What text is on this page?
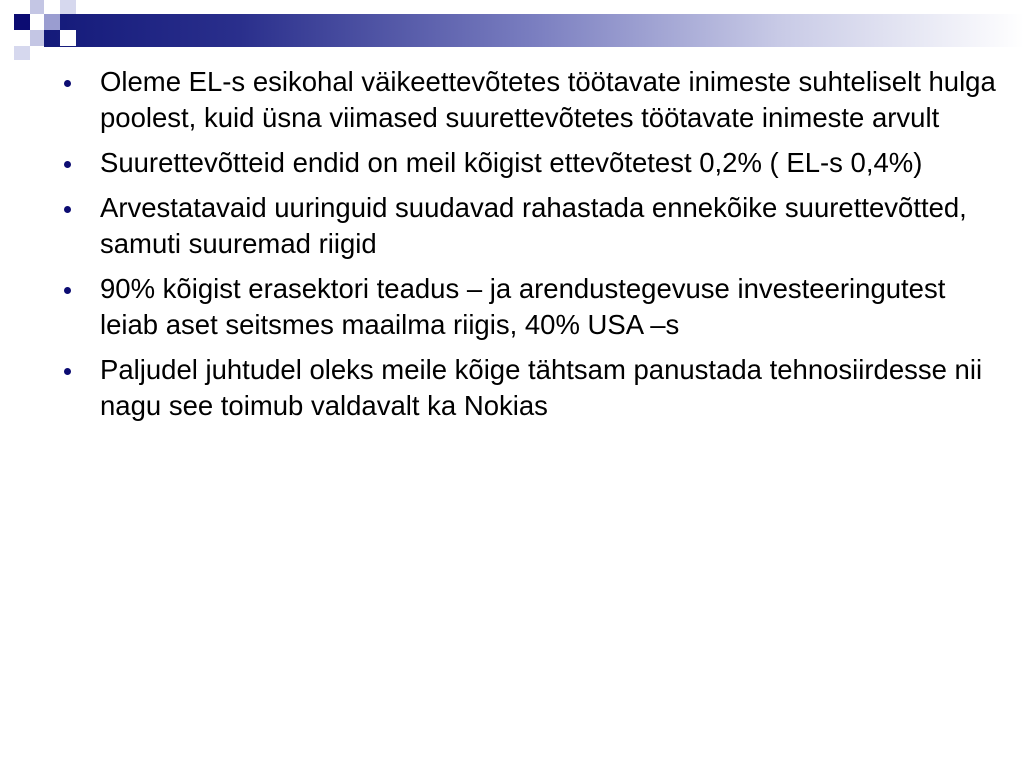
Oleme EL-s esikohal väikeettevõtetes töötavate inimeste suhteliselt hulga poolest, kuid üsna viimased suurettevõtetes töötavate inimeste arvult
Suurettevõtteid endid on meil kõigist ettevõtetest 0,2% ( EL-s 0,4%)
Arvestatavaid uuringuid suudavad rahastada ennekõike suurettevõtted, samuti suuremad riigid
90% kõigist erasektori teadus – ja arendustegevuse investeeringutest leiab aset seitsmes maailma riigis, 40% USA –s
Paljudel juhtudel oleks meile kõige tähtsam panustada tehnosiirdesse nii nagu see toimub valdavalt ka Nokias
